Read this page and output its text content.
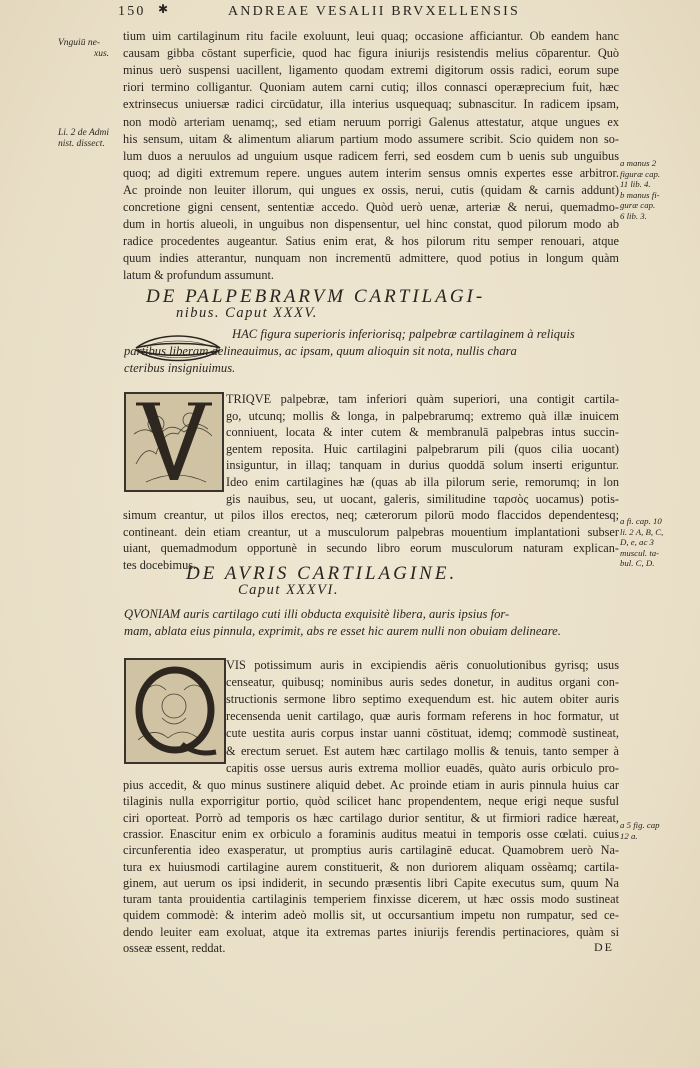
150 ✱	ANDREAE VESALII BRVXELLENSIS
Vnguiū ne-
xus.
Li. 2 de Admi
nist. dissect.
a manus 2
figuræ cap.
11 lib. 4.
b manus fi-
guræ cap.
6 lib. 3.
tium uim cartilaginum ritu facile exoluunt, leui quaq; occasione afficiantur. Ob eandem hanc
causam gibba cōstant superficie, quod hac figura iniurijs resistendis melius cōparentur. Quò
minus uerò suspensi uacillent, ligamento quodam extremi digitorum ossis radici, eorum supe
riori termino colligantur. Quoniam autem carni cutiq; illos connasci operæprecium fuit, hæc
extrinsecus uniuersæ radici circūdatur, illa interius usquequaq; subnascitur. In radicem ipsam,
non modò arteriam uenamq;, sed etiam neruum porrigi Galenus attestatur, atque ungues ex
his sensum, uitam & alimentum aliarum partium modo assumere scribit. Scio quidem non so-
lum duos a neruulos ad unguium usque radicem ferri, sed eosdem cum b uenis sub unguibus
quoq; ad digiti extremum repere. ungues autem interim sensus omnis expertes esse arbitror.
Ac proinde non leuiter illorum, qui ungues ex ossis, nerui, cutis (quidam & carnis addunt)
concretione gigni censent, sententiæ accedo. Quòd uerò uenæ, arteriæ & nerui, quemadmo-
dum in hortis alueoli, in unguibus non dispensentur, uel hinc constat, quod pilorum modo ab
radice procedentes augeantur. Satius enim erat, & hos pilorum ritu semper renouari, atque
quum indies atterantur, nunquam non incrementū admittere, quod potius in longum quàm
latum & profundum assumunt.
DE PALPEBRARVM CARTILAGI-
nibus. Caput XXXV.
HAC figura superioris inferiorisq; palpebræ cartilaginem à reliquis
partibus liberam delineauimus, ac ipsam, quum alioquin sit nota, nullis chara
cteribus insigniuimus.
TRIQVE palpebræ, tam inferiori quàm superiori, una contigit cartila-
go, utcunq; mollis & longa, in palpebrarumq; extremo quà illæ inuicem
conniuent, locata & inter cutem & membranulā palpebras intus succin-
gentem reposita. Huic cartilagini palpebrarum pili (quos cilia uocant)
insiguntur, in illaq; tanquam in durius quoddā solum inserti eriguntur.
Ideo enim cartilagines hæ (quas ab illa pilorum serie, remorumq; in lon
gis nauibus, seu, ut uocant, galeris, similitudine ταρσὸς uocamus) potis-
simum creantur, ut pilos illos erectos, neq; cæterorum pilorū modo flaccidos dependentesq;
contineant. dein etiam creantur, ut a musculorum palpebras mouentium implantationi subser
uiant, quemadmodum opportunè in secundo libro eorum musculorum naturam explican-
tes docebimus.
a fi. cap. 10
li. 2 A, B, C,
D, e, ac 3
muscul. ta-
bul. C, D.
DE AVRIS CARTILAGINE.
Caput XXXVI.
QVONIAM auris cartilago cuti illi obducta exquisitè libera, auris ipsius for-
mam, ablata eius pinnula, exprimit, abs re esset hic aurem nulli non obuiam delineare.
VIS potissimum auris in excipiendis aëris conuolutionibus gyrisq; usus
censeatur, quibusq; nominibus auris sedes donetur, in auditus organi con-
structionis sermone libro septimo exequendum est. hic autem obiter auris
recensenda uenit cartilago, quæ auris formam referens in hoc formatur, ut
cute uestita auris corpus instar uanni cōstituat, idemq; commodè sustineat,
& erectum seruet. Est autem hæc cartilago mollis & tenuis, tanto semper à
capitis osse uersus auris extrema mollior euadēs, quàto auris orbiculo pro-
pius accedit, & quo minus sustinere aliquid debet. Ac proinde etiam in auris pinnula huius car
tilaginis nulla exporrigitur portio, quòd scilicet hanc propendentem, neque erigi neque susful
ciri oporteat. Porrò ad temporis os hæc cartilago durior sentitur, & ut firmiori radice hæreat,
crassior. Enascitur enim ex orbiculo a foraminis auditus meatui in temporis osse cœlati. cuius
circunferentia ideo exasperatur, ut promptius auris cartilaginē educat. Quamobrem uerò Na-
tura ex huiusmodi cartilagine aurem constituerit, & non duriorem aliquam ossèamq; cartila-
ginem, aut uerum os ipsi indiderit, in secundo præsentis libri Capite executus sum, quum Na
turam tanta prouidentia cartilaginis temperiem finxisse dicerem, ut hæc ossis modo sustineat
quidem commodè: & interim adeò mollis sit, ut occursantium impetu non rumpatur, sed ce-
dendo leuiter eam exoluat, atque ita extremas partes iniurijs ferendis pertinaciores, quàm si
osseæ essent, reddat.
a 5 fig. cap
12 a.
DE
